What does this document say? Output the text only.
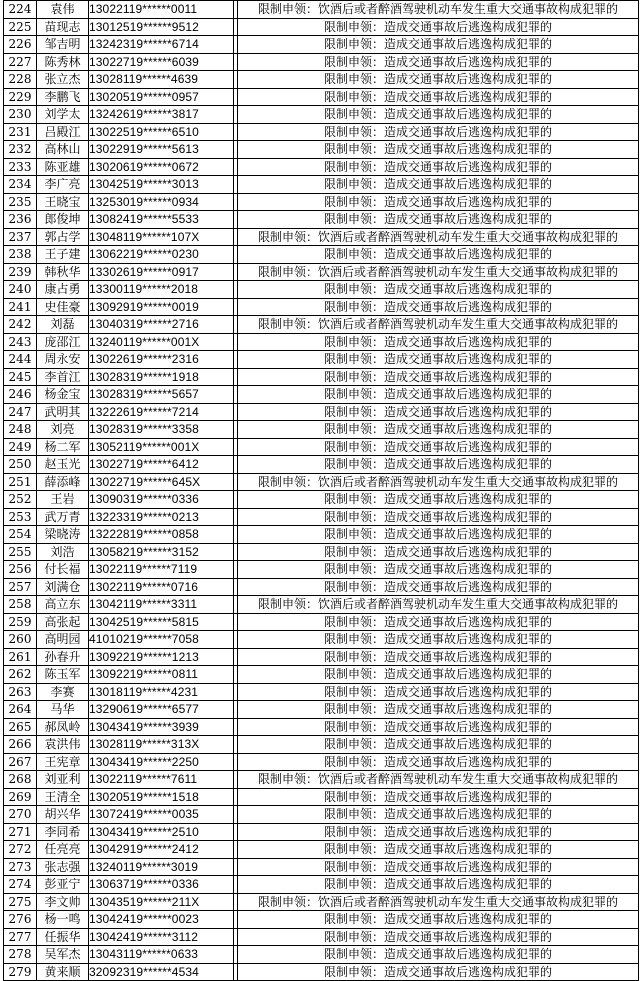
224	袁伟	13022119******0011		限制申领：饮酒后或者醉酒驾驶机动车发生重大交通事故构成犯罪的
225	苗现志	13012519******9512		限制申领：造成交通事故后逃逸构成犯罪的
226	邹吉明	13242319******6714		限制申领：造成交通事故后逃逸构成犯罪的
227	陈秀林	13022719******6039		限制申领：造成交通事故后逃逸构成犯罪的
228	张立杰	13028119******4639		限制申领：造成交通事故后逃逸构成犯罪的
229	李鹏飞	13020519******0957		限制申领：造成交通事故后逃逸构成犯罪的
230	刘学太	13242619******3817		限制申领：造成交通事故后逃逸构成犯罪的
231	吕殿江	13022519******6510		限制申领：造成交通事故后逃逸构成犯罪的
232	高林山	13022919******5613		限制申领：造成交通事故后逃逸构成犯罪的
233	陈亚雄	13020619******0672		限制申领：造成交通事故后逃逸构成犯罪的
234	李广亮	13042519******3013		限制申领：造成交通事故后逃逸构成犯罪的
235	王晓宝	13253019******0934		限制申领：造成交通事故后逃逸构成犯罪的
236	郎俊坤	13082419******5533		限制申领：造成交通事故后逃逸构成犯罪的
237	郭占学	13048119******107X		限制申领：饮酒后或者醉酒驾驶机动车发生重大交通事故构成犯罪的
238	王子建	13062219******0230		限制申领：造成交通事故后逃逸构成犯罪的
239	韩秋华	13302619******0917		限制申领：饮酒后或者醉酒驾驶机动车发生重大交通事故构成犯罪的
240	康占勇	13300119******2018		限制申领：造成交通事故后逃逸构成犯罪的
241	史佳豪	13092919******0019		限制申领：造成交通事故后逃逸构成犯罪的
242	刘磊	13040319******2716		限制申领：饮酒后或者醉酒驾驶机动车发生重大交通事故构成犯罪的
243	庞邵江	13240119******001X		限制申领：造成交通事故后逃逸构成犯罪的
244	周永安	13022619******2316		限制申领：造成交通事故后逃逸构成犯罪的
245	李首江	13028319******1918		限制申领：造成交通事故后逃逸构成犯罪的
246	杨金宝	13028319******5657		限制申领：造成交通事故后逃逸构成犯罪的
247	武明其	13222619******7214		限制申领：造成交通事故后逃逸构成犯罪的
248	刘亮	13028319******3358		限制申领：造成交通事故后逃逸构成犯罪的
249	杨二军	13052119******001X		限制申领：造成交通事故后逃逸构成犯罪的
250	赵玉光	13022719******6412		限制申领：造成交通事故后逃逸构成犯罪的
251	薛添峰	13022719******645X		限制申领：饮酒后或者醉酒驾驶机动车发生重大交通事故构成犯罪的
252	王岩	13090319******0336		限制申领：造成交通事故后逃逸构成犯罪的
253	武万青	13223319******0213		限制申领：造成交通事故后逃逸构成犯罪的
254	梁晓涛	13222819******0858		限制申领：造成交通事故后逃逸构成犯罪的
255	刘浩	13058219******3152		限制申领：造成交通事故后逃逸构成犯罪的
256	付长福	13022119******7119		限制申领：造成交通事故后逃逸构成犯罪的
257	刘满仓	13022119******0716		限制申领：造成交通事故后逃逸构成犯罪的
258	高立东	13042119******3311		限制申领：饮酒后或者醉酒驾驶机动车发生重大交通事故构成犯罪的
259	高张起	13042519******5815		限制申领：造成交通事故后逃逸构成犯罪的
260	高明园	41010219******7058		限制申领：造成交通事故后逃逸构成犯罪的
261	孙春升	13092219******1213		限制申领：造成交通事故后逃逸构成犯罪的
262	陈玉军	13092219******0811		限制申领：造成交通事故后逃逸构成犯罪的
263	李赛	13018119******4231		限制申领：造成交通事故后逃逸构成犯罪的
264	马华	13290619******6577		限制申领：造成交通事故后逃逸构成犯罪的
265	郝凤岭	13043419******3939		限制申领：造成交通事故后逃逸构成犯罪的
266	袁洪伟	13028119******313X		限制申领：造成交通事故后逃逸构成犯罪的
267	王宪章	13043419******2250		限制申领：造成交通事故后逃逸构成犯罪的
268	刘亚利	13022119******7611		限制申领：饮酒后或者醉酒驾驶机动车发生重大交通事故构成犯罪的
269	王清全	13020519******1518		限制申领：造成交通事故后逃逸构成犯罪的
270	胡兴华	13072419******0035		限制申领：造成交通事故后逃逸构成犯罪的
271	李同希	13043419******2510		限制申领：造成交通事故后逃逸构成犯罪的
272	任亮亮	13042919******2412		限制申领：造成交通事故后逃逸构成犯罪的
273	张志强	13240119******3019		限制申领：造成交通事故后逃逸构成犯罪的
274	彭亚宁	13063719******0336		限制申领：造成交通事故后逃逸构成犯罪的
275	李文帅	13043519******211X		限制申领：饮酒后或者醉酒驾驶机动车发生重大交通事故构成犯罪的
276	杨一鸣	13042419******0023		限制申领：造成交通事故后逃逸构成犯罪的
277	任振华	13042419******3112		限制申领：造成交通事故后逃逸构成犯罪的
278	吴军杰	13043119******0633		限制申领：造成交通事故后逃逸构成犯罪的
279	黄来顺	32092319******4534		限制申领：造成交通事故后逃逸构成犯罪的
